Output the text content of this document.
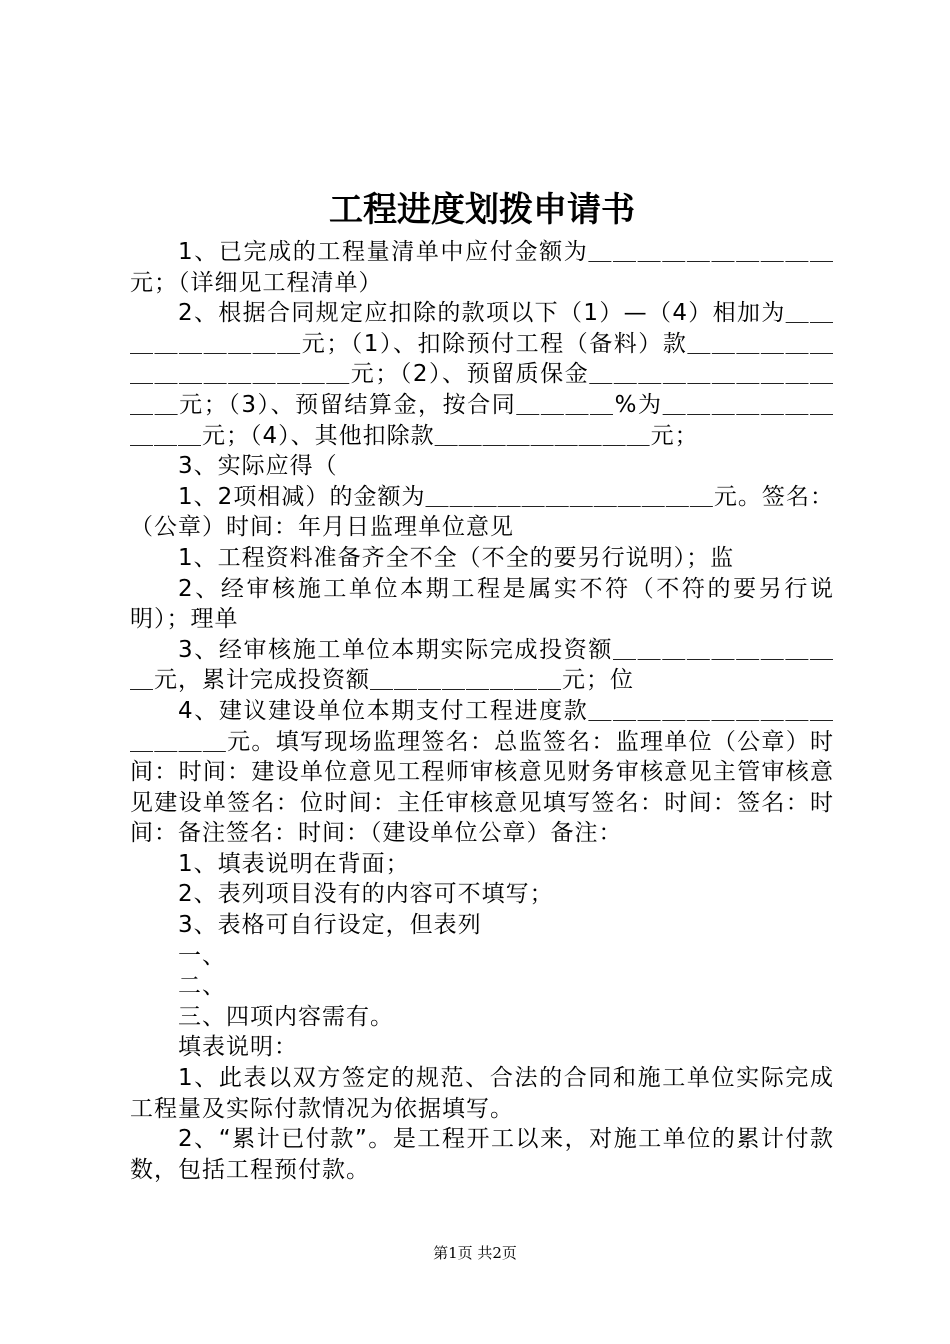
工程进度划拨申请书

1、已完成的工程量清单中应付金额为＿＿＿＿＿＿＿＿＿＿元；（详细见工程清单）

2、根据合同规定应扣除的款项以下（1）—（4）相加为＿＿＿＿＿＿＿＿＿元；（1）、扣除预付工程（备料）款＿＿＿＿＿＿＿＿＿＿＿＿＿＿＿元；（2）、预留质保金＿＿＿＿＿＿＿＿＿＿＿＿元；（3）、预留结算金，按合同＿＿＿＿%为＿＿＿＿＿＿＿＿＿＿元；（4）、其他扣除款＿＿＿＿＿＿＿＿＿元；

3、实际应得（

1、2项相减）的金额为＿＿＿＿＿＿＿＿＿＿＿＿元。签名：（公章）时间：年月日监理单位意见

1、工程资料准备齐全不全（不全的要另行说明）；监

2、经审核施工单位本期工程是属实不符（不符的要另行说明）；理单

3、经审核施工单位本期实际完成投资额＿＿＿＿＿＿＿＿＿＿元，累计完成投资额＿＿＿＿＿＿＿＿元；位

4、建议建设单位本期支付工程进度款＿＿＿＿＿＿＿＿＿＿＿＿＿＿元。填写现场监理签名：总监签名：监理单位（公章）时间：时间：建设单位意见工程师审核意见财务审核意见主管审核意见建设单签名：位时间：主任审核意见填写签名：时间：签名：时间：备注签名：时间：（建设单位公章）备注：

1、填表说明在背面；

2、表列项目没有的内容可不填写；

3、表格可自行设定，但表列

一、

二、

三、四项内容需有。

填表说明：

1、此表以双方签定的规范、合法的合同和施工单位实际完成工程量及实际付款情况为依据填写。

2、“累计已付款”。是工程开工以来，对施工单位的累计付款数，包括工程预付款。

第1页 共2页
